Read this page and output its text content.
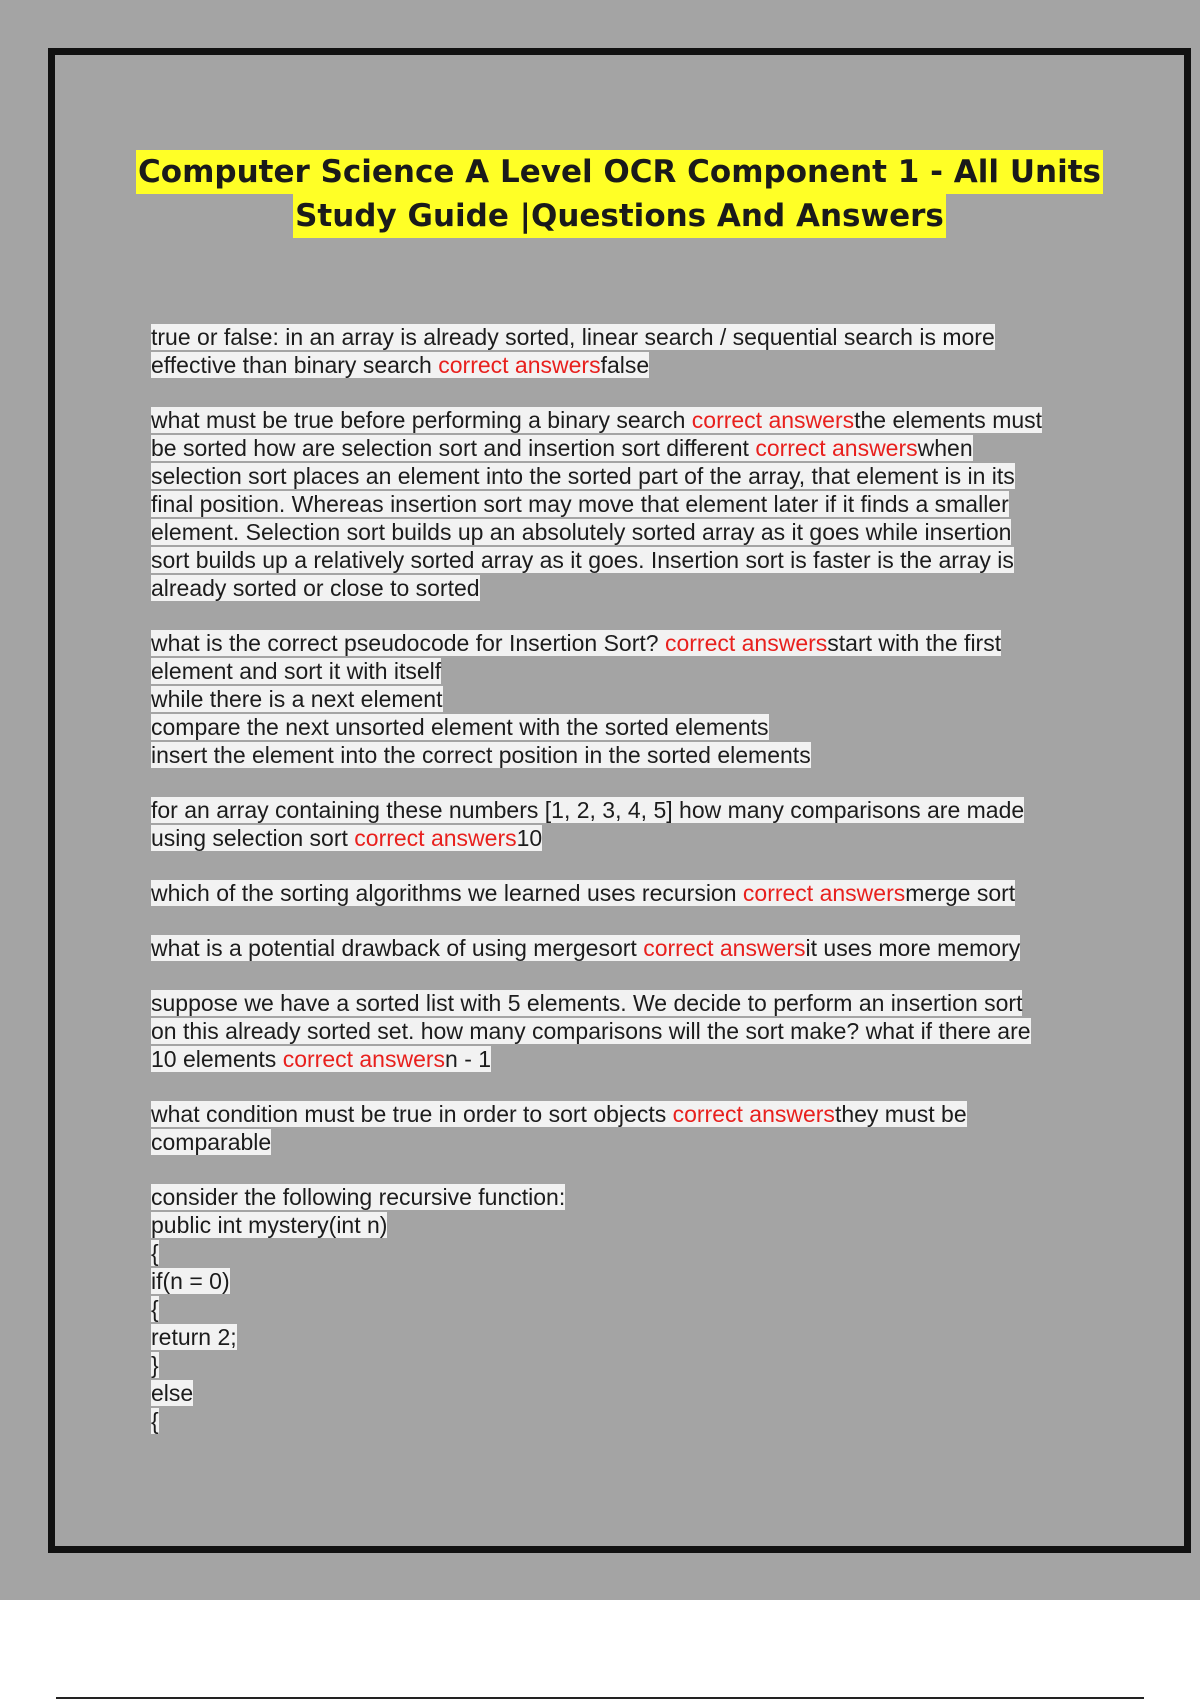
Computer Science A Level OCR Component 1 - All Units
Study Guide |Questions And Answers
true or false: in an array is already sorted, linear search / sequential search is more
effective than binary search correct answersfalse
what must be true before performing a binary search correct answersthe elements must
be sorted how are selection sort and insertion sort different correct answerswhen
selection sort places an element into the sorted part of the array, that element is in its
final position. Whereas insertion sort may move that element later if it finds a smaller
element. Selection sort builds up an absolutely sorted array as it goes while insertion
sort builds up a relatively sorted array as it goes. Insertion sort is faster is the array is
already sorted or close to sorted
what is the correct pseudocode for Insertion Sort? correct answersstart with the first
element and sort it with itself
while there is a next element
compare the next unsorted element with the sorted elements
insert the element into the correct position in the sorted elements
for an array containing these numbers [1, 2, 3, 4, 5] how many comparisons are made
using selection sort correct answers10
which of the sorting algorithms we learned uses recursion correct answersmerge sort
what is a potential drawback of using mergesort correct answersit uses more memory
suppose we have a sorted list with 5 elements. We decide to perform an insertion sort
on this already sorted set. how many comparisons will the sort make? what if there are
10 elements correct answersn - 1
what condition must be true in order to sort objects correct answersthey must be
comparable
consider the following recursive function:
public int mystery(int n)
{
if(n = 0)
{
return 2;
}
else
{
